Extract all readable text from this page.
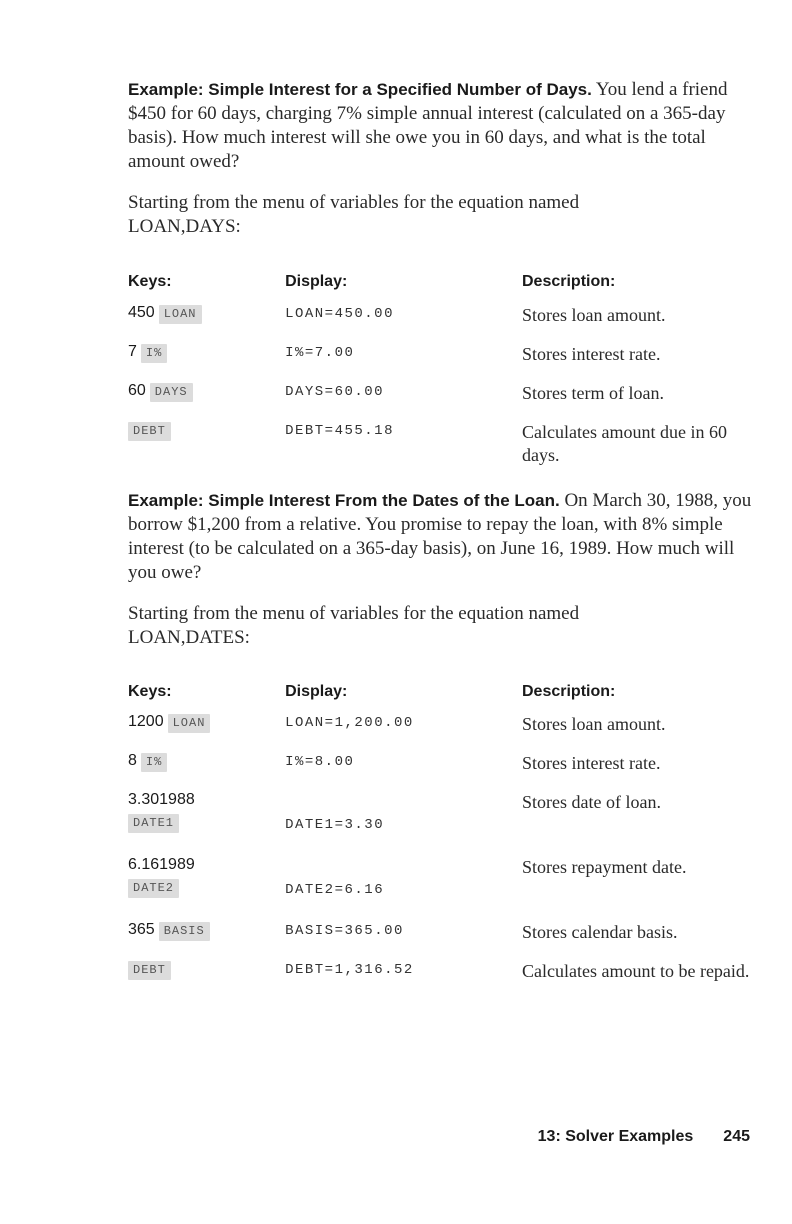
Example: Simple Interest for a Specified Number of Days. You lend a friend $450 for 60 days, charging 7% simple annual interest (calculated on a 365-day basis). How much interest will she owe you in 60 days, and what is the total amount owed?

Starting from the menu of variables for the equation named LOAN,DAYS:

Keys:	Display:	Description:
450 LOAN	LOAN=450.00	Stores loan amount.
7 I%	I%=7.00	Stores interest rate.
60 DAYS	DAYS=60.00	Stores term of loan.
DEBT	DEBT=455.18	Calculates amount due in 60 days.

Example: Simple Interest From the Dates of the Loan. On March 30, 1988, you borrow $1,200 from a relative. You promise to repay the loan, with 8% simple interest (to be calculated on a 365-day basis), on June 16, 1989. How much will you owe?

Starting from the menu of variables for the equation named LOAN,DATES:

Keys:	Display:	Description:
1200 LOAN	LOAN=1,200.00	Stores loan amount.
8 I%	I%=8.00	Stores interest rate.

3.301988
DATE1	DATE1=3.30	Stores date of loan.

6.161989
DATE2	DATE2=6.16	Stores repayment date.
365 BASIS	BASIS=365.00	Stores calendar basis.
DEBT	DEBT=1,316.52	Calculates amount to be repaid.
13: Solver Examples 245
